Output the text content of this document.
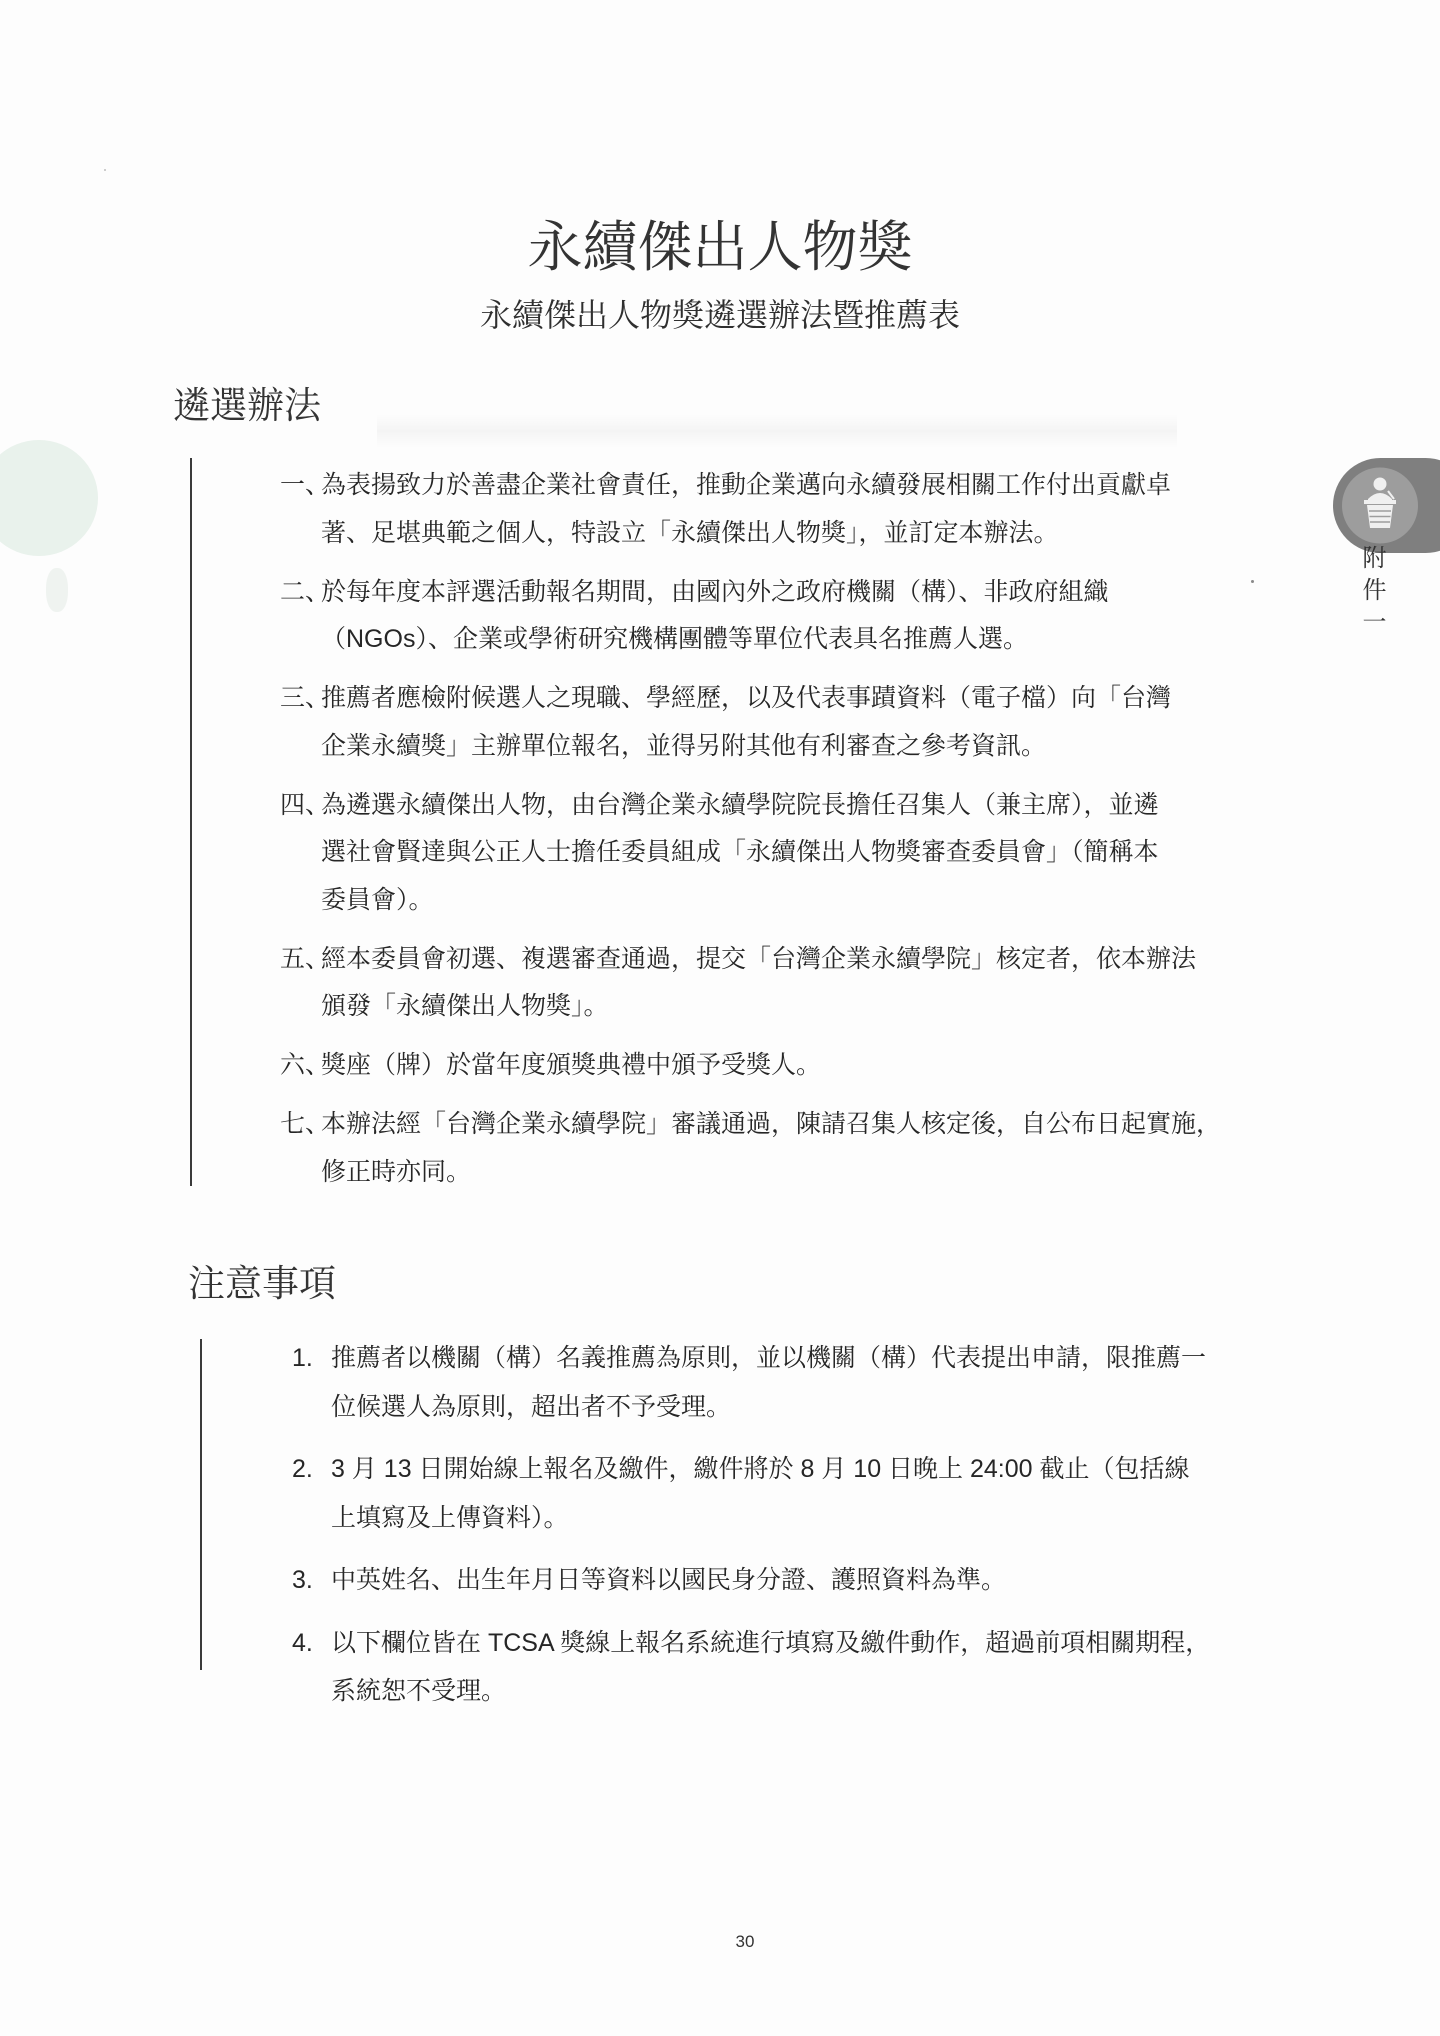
永續傑出人物獎
永續傑出人物獎遴選辦法暨推薦表
附件一
遴選辦法
一、 為表揚致力於善盡企業社會責任，推動企業邁向永續發展相關工作付出貢獻卓
著、足堪典範之個人，特設立「永續傑出人物獎」，並訂定本辦法。
二、 於每年度本評選活動報名期間，由國內外之政府機關（構）、非政府組織
（NGOs）、企業或學術研究機構團體等單位代表具名推薦人選。
三、 推薦者應檢附候選人之現職、學經歷，以及代表事蹟資料（電子檔）向「台灣
企業永續獎」主辦單位報名，並得另附其他有利審查之參考資訊。
四、 為遴選永續傑出人物，由台灣企業永續學院院長擔任召集人（兼主席），並遴
選社會賢達與公正人士擔任委員組成「永續傑出人物獎審查委員會」（簡稱本
委員會）。
五、 經本委員會初選、複選審查通過，提交「台灣企業永續學院」核定者，依本辦法
頒發「永續傑出人物獎」。
六、 獎座（牌）於當年度頒獎典禮中頒予受獎人。
七、 本辦法經「台灣企業永續學院」審議通過，陳請召集人核定後，自公布日起實施，
修正時亦同。
注意事項
1. 推薦者以機關（構）名義推薦為原則，並以機關（構）代表提出申請，限推薦一
位候選人為原則，超出者不予受理。
2. 3 月 13 日開始線上報名及繳件，繳件將於 8 月 10 日晚上 24:00 截止（包括線
上填寫及上傳資料）。
3. 中英姓名、出生年月日等資料以國民身分證、護照資料為準。
4. 以下欄位皆在 TCSA 獎線上報名系統進行填寫及繳件動作，超過前項相關期程，
系統恕不受理。
30
